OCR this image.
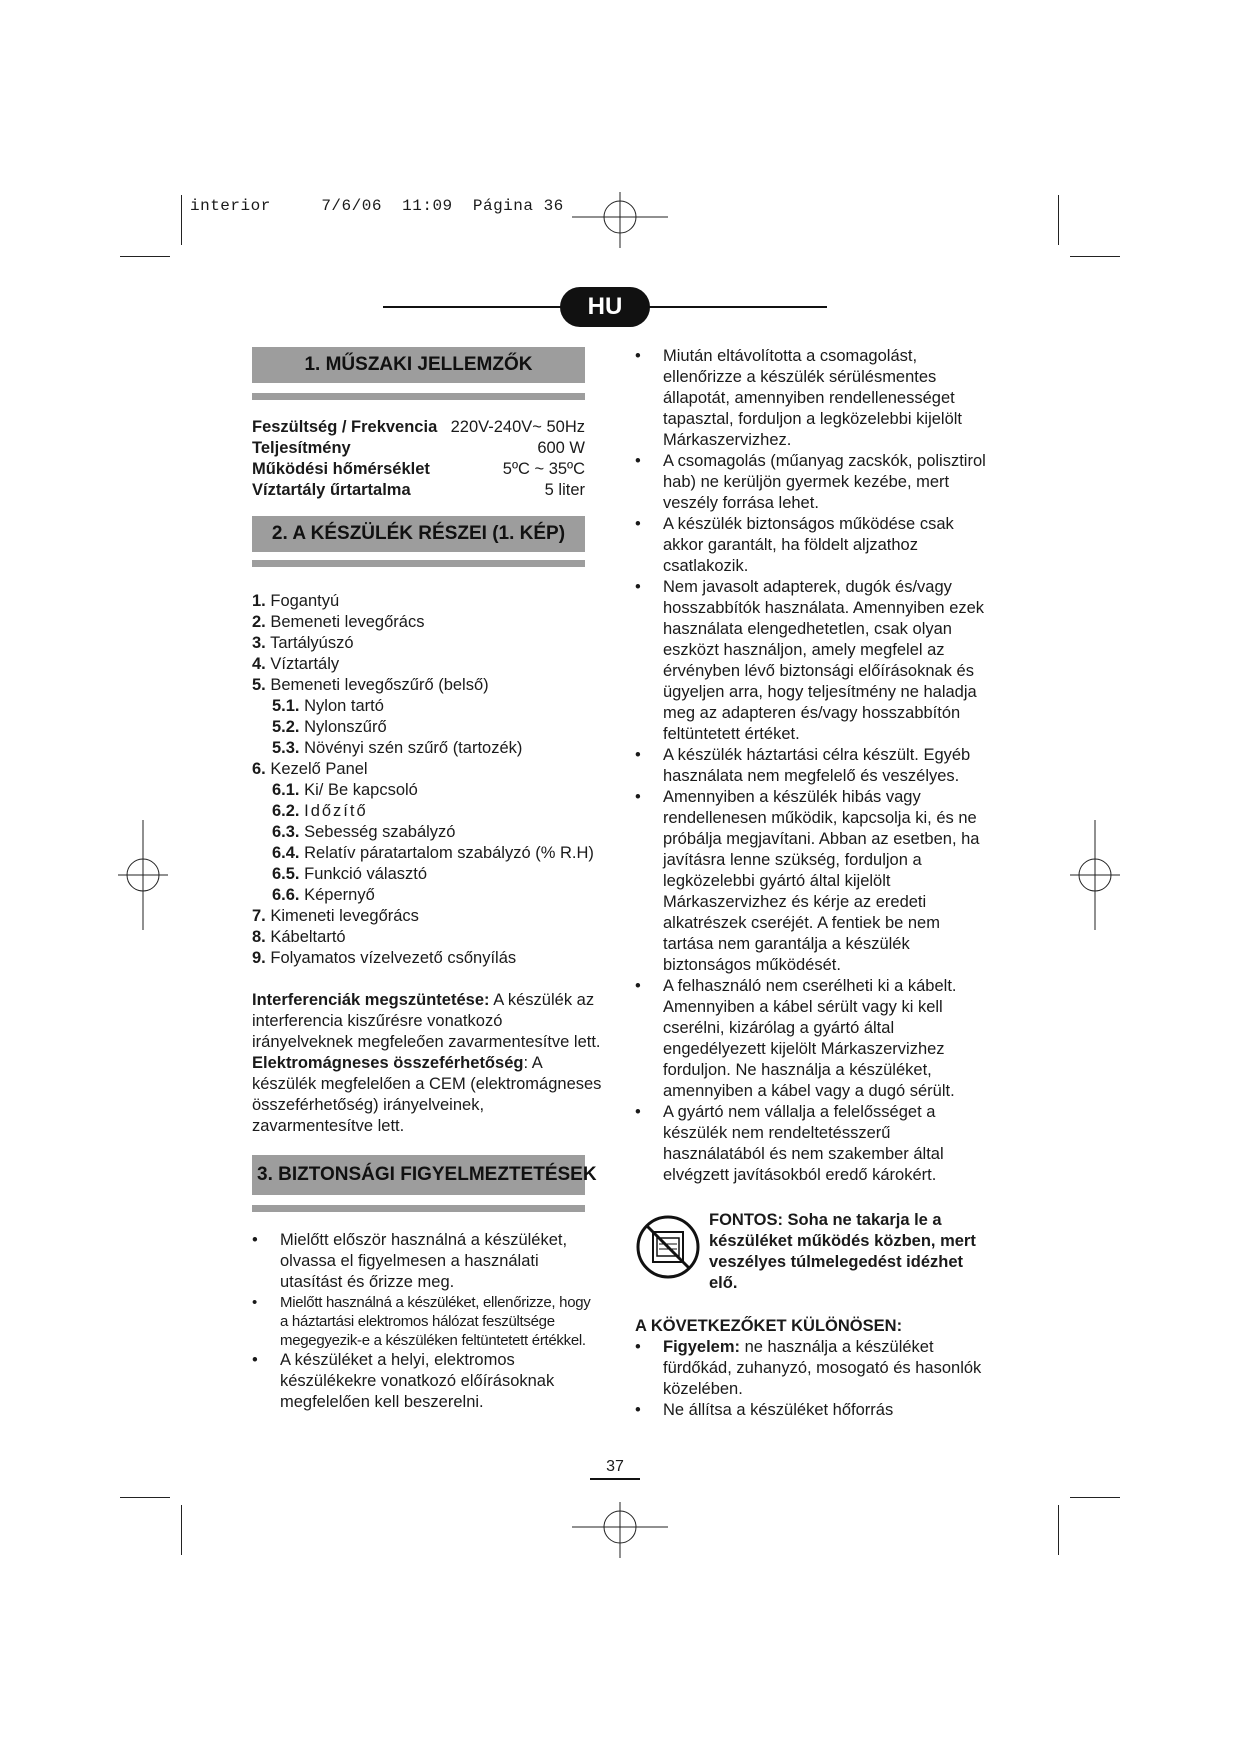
interior	7/6/06 11:09 Página 36
HU
1. MŰSZAKI JELLEMZŐK
Feszültség / Frekvencia 220V-240V~ 50Hz
Teljesítmény	600 W
Működési hőmérséklet	5ºC ~ 35ºC
Víztartály űrtartalma	5 liter
2. A KÉSZÜLÉK RÉSZEI (1. KÉP)
1. Fogantyú
2. Bemeneti levegőrács
3. Tartályúszó
4. Víztartály
5. Bemeneti levegőszűrő (belső)
5.1. Nylon tartó
5.2. Nylonszűrő
5.3. Növényi szén szűrő (tartozék)
6. Kezelő Panel
6.1. Ki/ Be kapcsoló
6.2. Időzítő
6.3. Sebesség szabályzó
6.4. Relatív páratartalom szabályzó (% R.H)
6.5. Funkció választó
6.6. Képernyő
7. Kimeneti levegőrács
8. Kábeltartó
9. Folyamatos vízelvezető csőnyílás
Interferenciák megszüntetése: A készülék az interferencia kiszűrésre vonatkozó irányelveknek megfeleően zavarmentesítve lett.
Elektromágneses összeférhetőség: A készülék megfelelően a CEM (elektromágneses összeférhetőség) irányelveinek, zavarmentesítve lett.
3. BIZTONSÁGI FIGYELMEZTETÉSEK
• Mielőtt először használná a készüléket, olvassa el figyelmesen a használati utasítást és őrizze meg.
• Mielőtt használná a készüléket, ellenőrizze, hogy a háztartási elektromos hálózat feszültsége megegyezik-e a készüléken feltüntetett értékkel.
• A készüléket a helyi, elektromos készülékekre vonatkozó előírásoknak megfelelően kell beszerelni.
• Miután eltávolította a csomagolást, ellenőrizze a készülék sérülésmentes állapotát, amennyiben rendellenességet tapasztal, forduljon a legközelebbi kijelölt Márkaszervizhez.
• A csomagolás (műanyag zacskók, polisztirol hab) ne kerüljön gyermek kezébe, mert veszély forrása lehet.
• A készülék biztonságos működése csak akkor garantált, ha földelt aljzathoz csatlakozik.
• Nem javasolt adapterek, dugók és/vagy hosszabbítók használata. Amennyiben ezek használata elengedhetetlen, csak olyan eszközt használjon, amely megfelel az érvényben lévő biztonsági előírásoknak és ügyeljen arra, hogy teljesítmény ne haladja meg az adapteren és/vagy hosszabbítón feltüntetett értéket.
• A készülék háztartási célra készült. Egyéb használata nem megfelelő és veszélyes.
• Amennyiben a készülék hibás vagy rendellenesen működik, kapcsolja ki, és ne próbálja megjavítani. Abban az esetben, ha javításra lenne szükség, forduljon a legközelebbi gyártó által kijelölt Márkaszervizhez és kérje az eredeti alkatrészek cseréjét. A fentiek be nem tartása nem garantálja a készülék biztonságos működését.
• A felhasználó nem cserélheti ki a kábelt. Amennyiben a kábel sérült vagy ki kell cserélni, kizárólag a gyártó által engedélyezett kijelölt Márkaszervizhez forduljon. Ne használja a készüléket, amennyiben a kábel vagy a dugó sérült.
• A gyártó nem vállalja a felelősséget a készülék nem rendeltetésszerű használatából és nem szakember által elvégzett javításokból eredő károkért.
FONTOS: Soha ne takarja le a készüléket működés közben, mert veszélyes túlmelegedést idézhet elő.
A KÖVETKEZŐKET KÜLÖNÖSEN:
• Figyelem: ne használja a készüléket fürdőkád, zuhanyzó, mosogató és hasonlók közelében.
• Ne állítsa a készüléket hőforrás
37
